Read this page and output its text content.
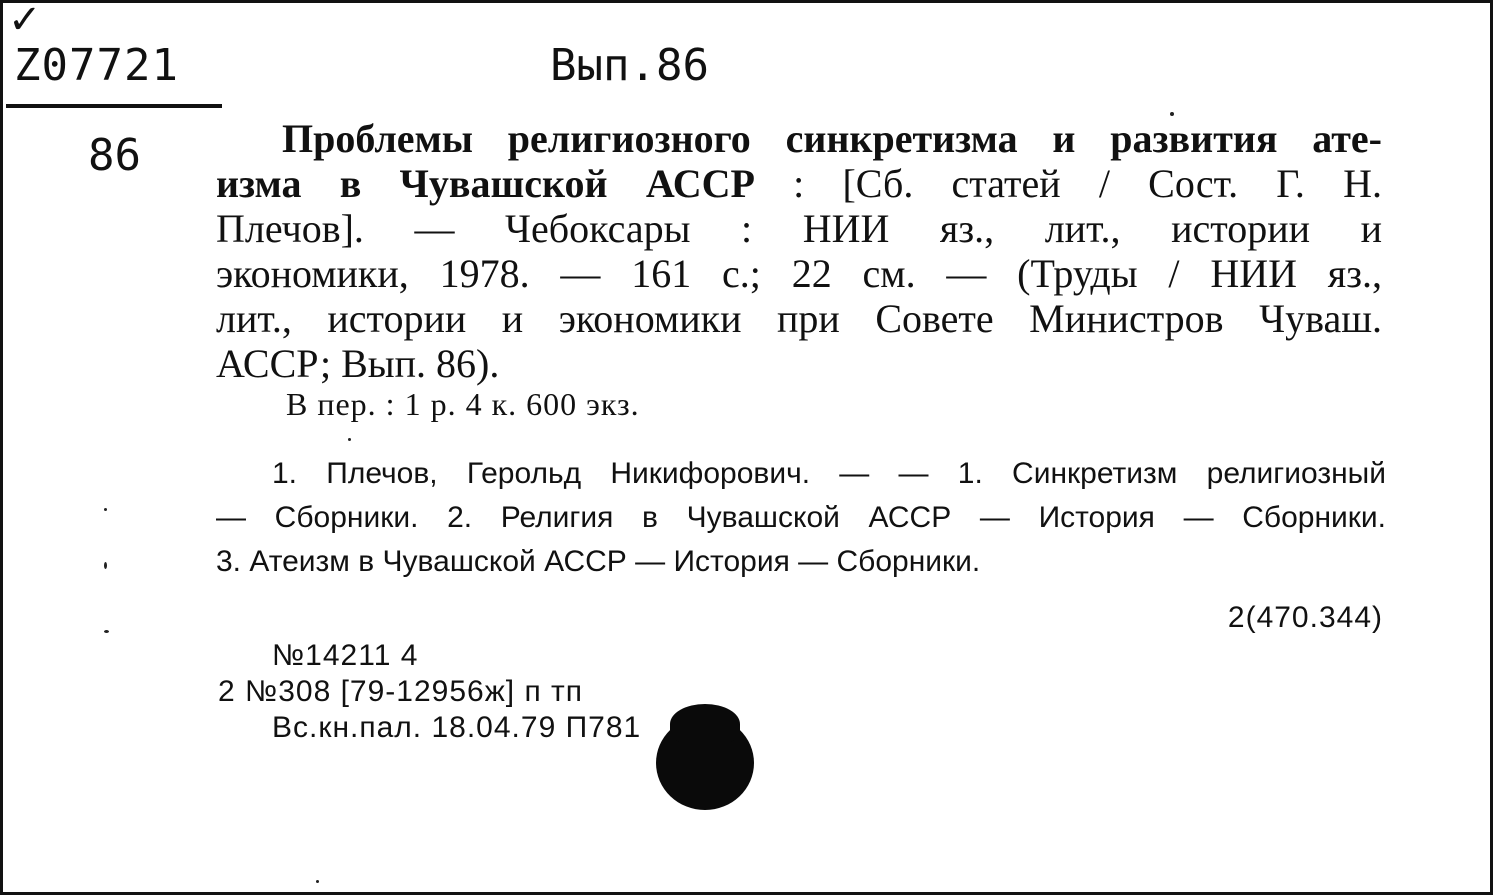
✓
Z07721	Вып.86
86	Проблемы религиозного синкретизма и развития ате-
изма в Чувашской АССР : [Сб. статей / Сост. Г. Н.
Плечов]. — Чебоксары : НИИ яз., лит., истории и
экономики, 1978. — 161 с.; 22 см. — (Труды / НИИ яз.,
лит., истории и экономики при Совете Министров Чуваш.
АССР; Вып. 86).
В пер. : 1 р. 4 к. 600 экз.
1. Плечов, Герольд Никифорович. — — 1. Синкретизм религиозный
— Сборники. 2. Религия в Чувашской АССР — История — Сборники.
3. Атеизм в Чувашской АССР — История — Сборники.
2(470.344)
№14211 4
2 №308 [79-12956ж] п тп
Вс.кн.пал. 18.04.79 П781
